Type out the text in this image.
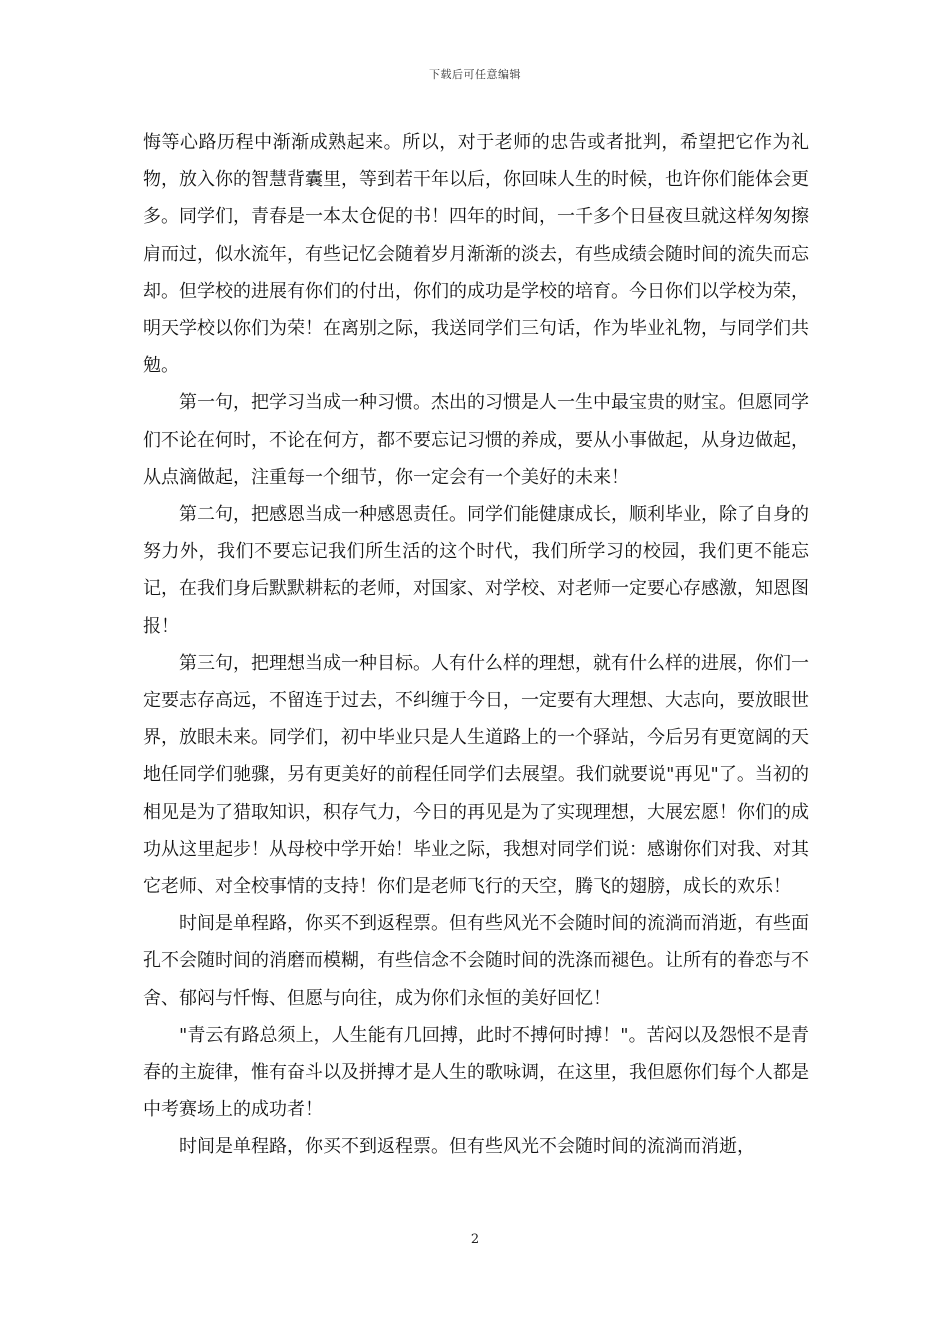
下载后可任意编辑

悔等心路历程中渐渐成熟起来。所以，对于老师的忠告或者批判，希望把它作为礼物，放入你的智慧背囊里，等到若干年以后，你回味人生的时候，也许你们能体会更多。同学们，青春是一本太仓促的书！四年的时间，一千多个日昼夜旦就这样匆匆擦肩而过，似水流年，有些记忆会随着岁月渐渐的淡去，有些成绩会随时间的流失而忘却。但学校的进展有你们的付出，你们的成功是学校的培育。今日你们以学校为荣，明天学校以你们为荣！在离别之际，我送同学们三句话，作为毕业礼物，与同学们共勉。

第一句，把学习当成一种习惯。杰出的习惯是人一生中最宝贵的财宝。但愿同学们不论在何时，不论在何方，都不要忘记习惯的养成，要从小事做起，从身边做起，从点滴做起，注重每一个细节，你一定会有一个美好的未来！

第二句，把感恩当成一种感恩责任。同学们能健康成长，顺利毕业，除了自身的努力外，我们不要忘记我们所生活的这个时代，我们所学习的校园，我们更不能忘记，在我们身后默默耕耘的老师，对国家、对学校、对老师一定要心存感激，知恩图报！

第三句，把理想当成一种目标。人有什么样的理想，就有什么样的进展，你们一定要志存高远，不留连于过去，不纠缠于今日，一定要有大理想、大志向，要放眼世界，放眼未来。同学们，初中毕业只是人生道路上的一个驿站，今后另有更宽阔的天地任同学们驰骤，另有更美好的前程任同学们去展望。我们就要说"再见"了。当初的相见是为了猎取知识，积存气力，今日的再见是为了实现理想，大展宏愿！你们的成功从这里起步！从母校中学开始！毕业之际，我想对同学们说：感谢你们对我、对其它老师、对全校事情的支持！你们是老师飞行的天空，腾飞的翅膀，成长的欢乐！

时间是单程路，你买不到返程票。但有些风光不会随时间的流淌而消逝，有些面孔不会随时间的消磨而模糊，有些信念不会随时间的洗涤而褪色。让所有的眷恋与不舍、郁闷与忏悔、但愿与向往，成为你们永恒的美好回忆！

"青云有路总须上，人生能有几回搏，此时不搏何时搏！"。苦闷以及怨恨不是青春的主旋律，惟有奋斗以及拼搏才是人生的歌咏调，在这里，我但愿你们每个人都是中考赛场上的成功者！

时间是单程路，你买不到返程票。但有些风光不会随时间的流淌而消逝，

2
